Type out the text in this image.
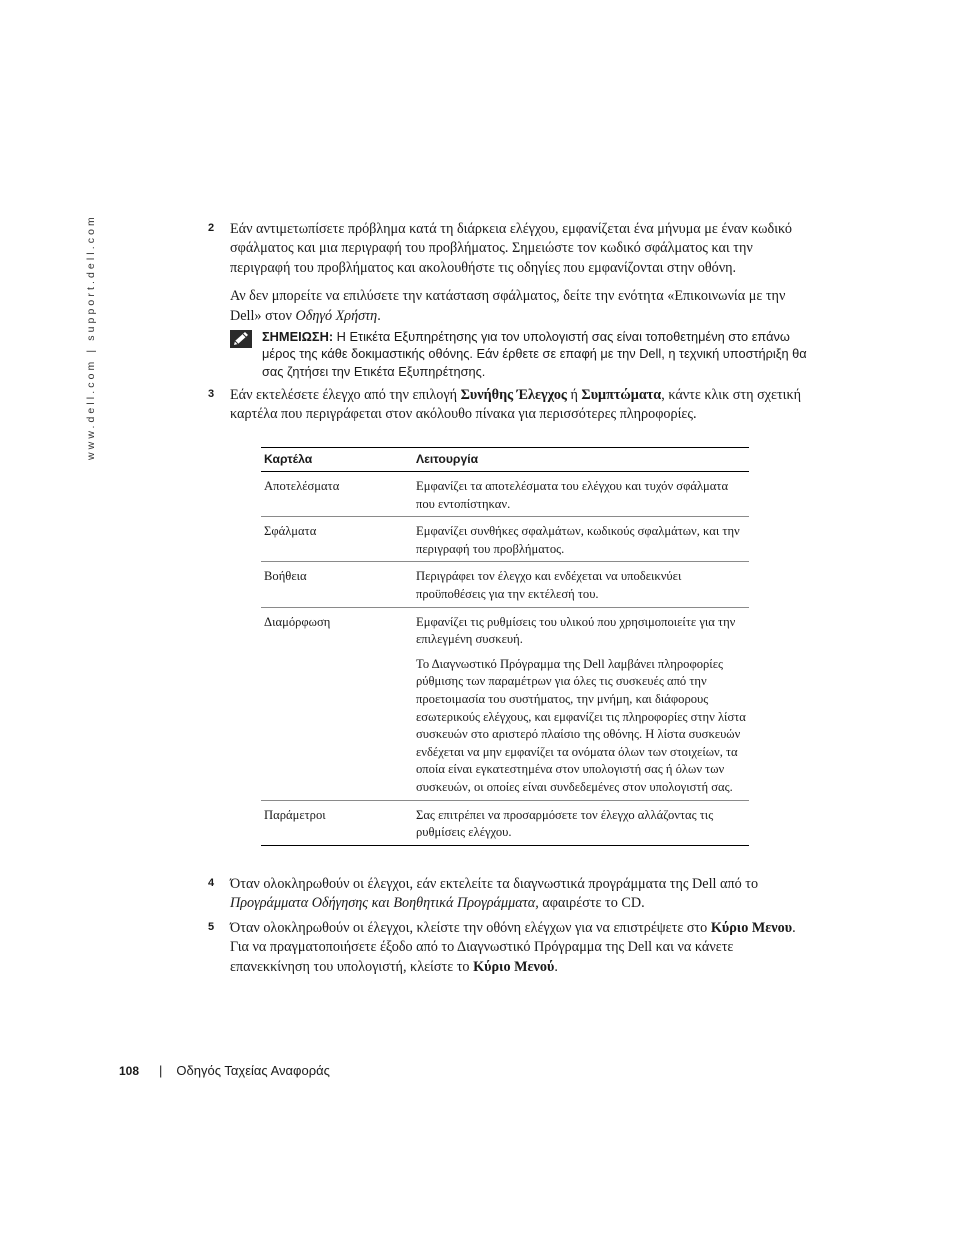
www.dell.com | support.dell.com	2 Εάν αντιμετωπίσετε πρόβλημα κατά τη διάρκεια ελέγχου, εμφανίζεται ένα μήνυμα με έναν κωδικό σφάλματος και μια περιγραφή του προβλήματος. Σημειώστε τον κωδικό σφάλματος και την περιγραφή του προβλήματος και ακολουθήστε τις οδηγίες που εμφανίζονται στην οθόνη.

Αν δεν μπορείτε να επιλύσετε την κατάσταση σφάλματος, δείτε την ενότητα «Επικοινωνία με την Dell» στον Οδηγό Χρήστη.

ΣΗΜΕΙΩΣΗ: Η Ετικέτα Εξυπηρέτησης για τον υπολογιστή σας είναι τοποθετημένη στο επάνω μέρος της κάθε δοκιμαστικής οθόνης. Εάν έρθετε σε επαφή με την Dell, η τεχνική υποστήριξη θα σας ζητήσει την Ετικέτα Εξυπηρέτησης.
3 Εάν εκτελέσετε έλεγχο από την επιλογή Συνήθης Έλεγχος ή Συμπτώματα, κάντε κλικ στη σχετική καρτέλα που περιγράφεται στον ακόλουθο πίνακα για περισσότερες πληροφορίες.

Καρτέλα	Λειτουργία
Αποτελέσματα	Εμφανίζει τα αποτελέσματα του ελέγχου και τυχόν σφάλματα που εντοπίστηκαν.

Σφάλματα	Εμφανίζει συνθήκες σφαλμάτων, κωδικούς σφαλμάτων, και την περιγραφή του προβλήματος.

Βοήθεια	Περιγράφει τον έλεγχο και ενδέχεται να υποδεικνύει προϋποθέσεις για την εκτέλεσή του.

Διαμόρφωση	Εμφανίζει τις ρυθμίσεις του υλικού που χρησιμοποιείτε για την επιλεγμένη συσκευή.

Το Διαγνωστικό Πρόγραμμα της Dell λαμβάνει πληροφορίες ρύθμισης των παραμέτρων για όλες τις συσκευές από την προετοιμασία του συστήματος, την μνήμη, και διάφορους εσωτερικούς ελέγχους, και εμφανίζει τις πληροφορίες στην λίστα συσκευών στο αριστερό πλαίσιο της οθόνης. Η λίστα συσκευών ενδέχεται να μην εμφανίζει τα ονόματα όλων των στοιχείων, τα οποία είναι εγκατεστημένα στον υπολογιστή σας ή όλων των συσκευών, οι οποίες είναι συνδεδεμένες στον υπολογιστή σας.

Παράμετροι	Σας επιτρέπει να προσαρμόσετε τον έλεγχο αλλάζοντας τις ρυθμίσεις ελέγχου.

4 Όταν ολοκληρωθούν οι έλεγχοι, εάν εκτελείτε τα διαγνωστικά προγράμματα της Dell από το Προγράμματα Οδήγησης και Βοηθητικά Προγράμματα, αφαιρέστε το CD.

5 Όταν ολοκληρωθούν οι έλεγχοι, κλείστε την οθόνη ελέγχων για να επιστρέψετε στο Κύριο Μενου. Για να πραγματοποιήσετε έξοδο από το Διαγνωστικό Πρόγραμμα της Dell και να κάνετε επανεκκίνηση του υπολογιστή, κλείστε το Κύριο Μενού.

108 | Οδηγός Ταχείας Αναφοράς
